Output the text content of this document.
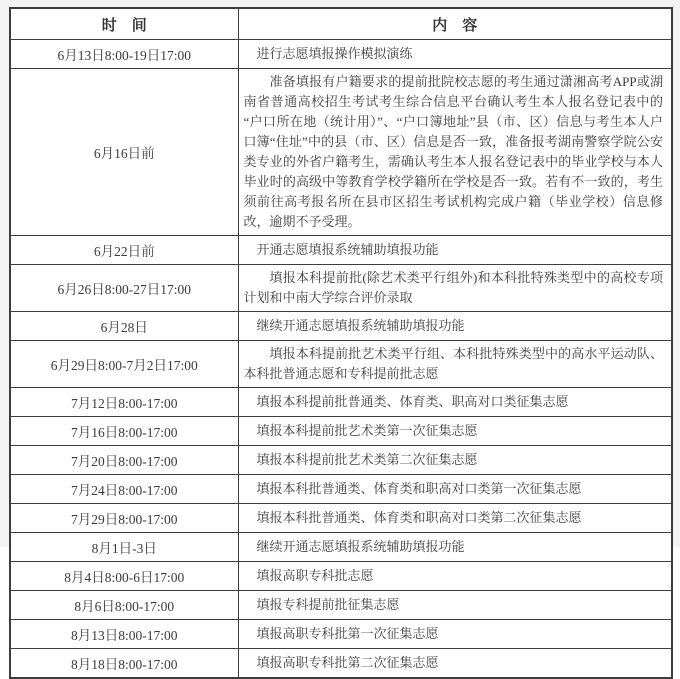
时　间	内　容
6月13日8:00-19日17:00	进行志愿填报操作模拟演练
6月16日前	准备填报有户籍要求的提前批院校志愿的考生通过潇湘高考APP或湖南省普通高校招生考试考生综合信息平台确认考生本人报名登记表中的“户口所在地（统计用）”、“户口簿地址”县（市、区）信息与考生本人户口簿“住址”中的县（市、区）信息是否一致，准备报考湖南警察学院公安类专业的外省户籍考生，需确认考生本人报名登记表中的毕业学校与本人毕业时的高级中等教育学校学籍所在学校是否一致。若有不一致的，考生须前往高考报名所在县市区招生考试机构完成户籍（毕业学校）信息修改，逾期不予受理。
6月22日前	开通志愿填报系统辅助填报功能
6月26日8:00-27日17:00	填报本科提前批(除艺术类平行组外)和本科批特殊类型中的高校专项计划和中南大学综合评价录取
6月28日	继续开通志愿填报系统辅助填报功能
6月29日8:00-7月2日17:00	填报本科提前批艺术类平行组、本科批特殊类型中的高水平运动队、本科批普通志愿和专科提前批志愿
7月12日8:00-17:00	填报本科提前批普通类、体育类、职高对口类征集志愿
7月16日8:00-17:00	填报本科提前批艺术类第一次征集志愿
7月20日8:00-17:00	填报本科提前批艺术类第二次征集志愿
7月24日8:00-17:00	填报本科批普通类、体育类和职高对口类第一次征集志愿
7月29日8:00-17:00	填报本科批普通类、体育类和职高对口类第二次征集志愿
8月1日-3日	继续开通志愿填报系统辅助填报功能
8月4日8:00-6日17:00	填报高职专科批志愿
8月6日8:00-17:00	填报专科提前批征集志愿
8月13日8:00-17:00	填报高职专科批第一次征集志愿
8月18日8:00-17:00	填报高职专科批第二次征集志愿
